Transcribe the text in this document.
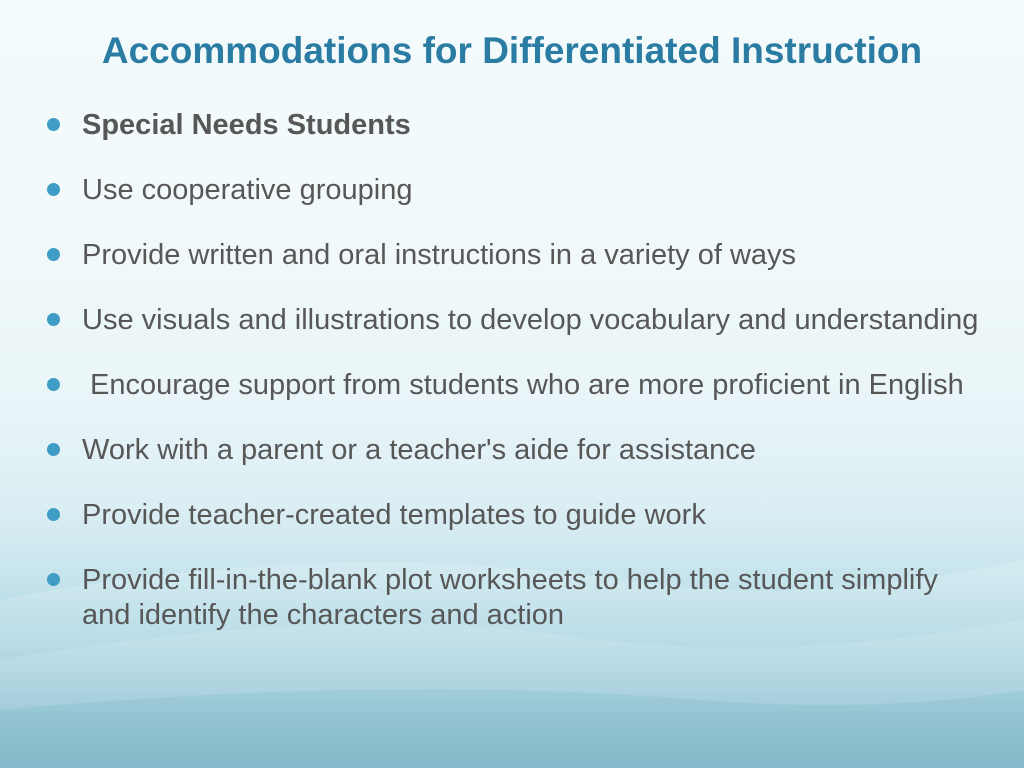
Accommodations for Differentiated Instruction
Special Needs Students
Use cooperative grouping
Provide written and oral instructions in a variety of ways
Use visuals and illustrations to develop vocabulary and understanding
Encourage support from students who are more proficient in English
Work with a parent or a teacher's aide for assistance
Provide teacher-created templates to guide work
Provide fill-in-the-blank plot worksheets to help the student simplify and identify the characters and action
